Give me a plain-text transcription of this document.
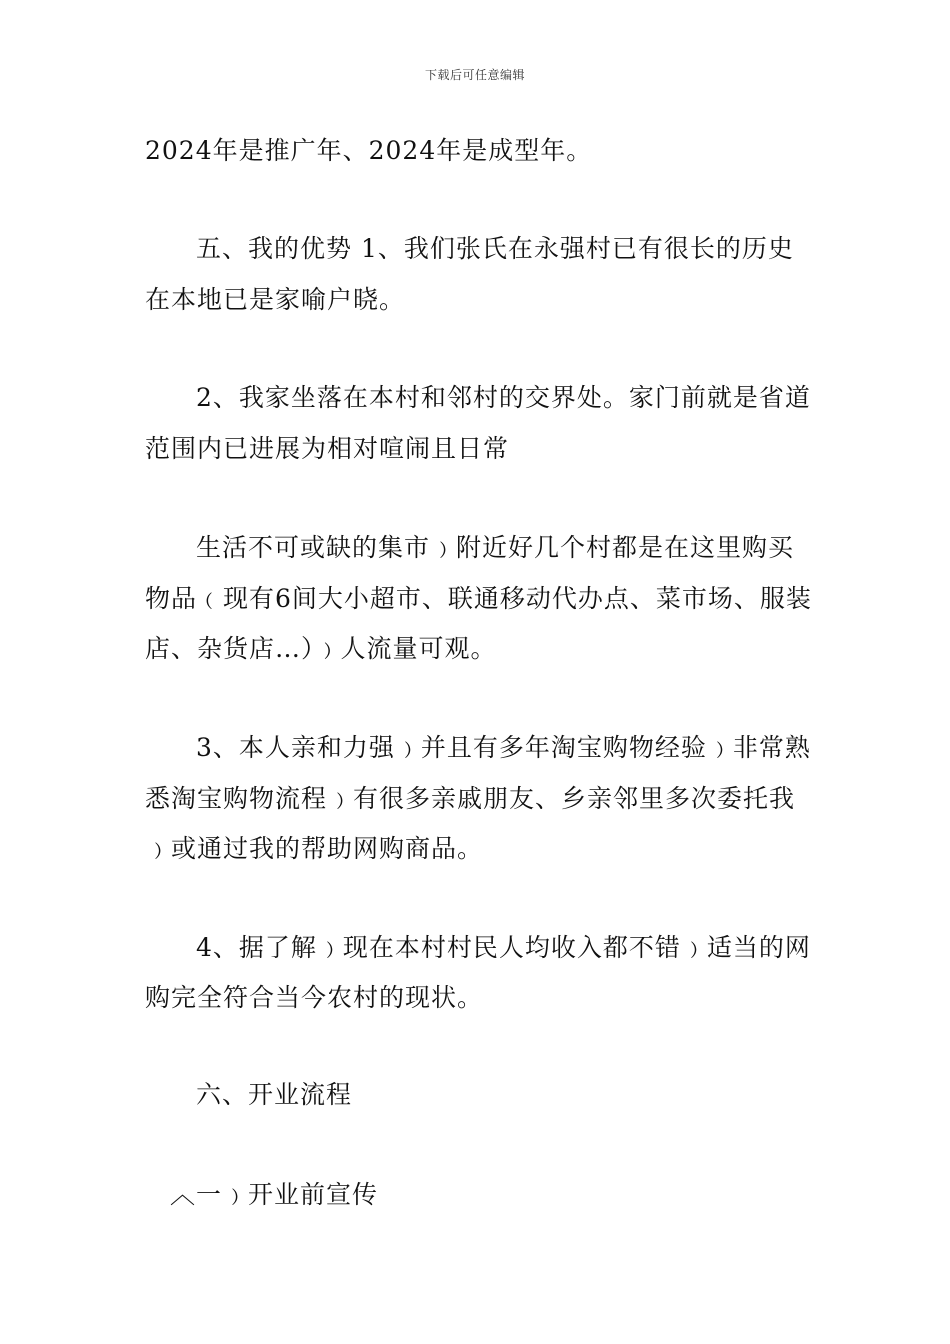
下载后可任意编辑
2024年是推广年、2024年是成型年。
五、我的优势 1、我们张氏在永强村已有很长的历史
在本地已是家喻户晓。
2、我家坐落在本村和邻村的交界处。家门前就是省道
范围内已进展为相对喧闹且日常
生活不可或缺的集市﹚附近好几个村都是在这里购买
物品﹙现有6间大小超市、联通移动代办点、菜市场、服装
店、杂货店…）﹚人流量可观。
3、本人亲和力强﹚并且有多年淘宝购物经验﹚非常熟
悉淘宝购物流程﹚有很多亲戚朋友、乡亲邻里多次委托我
﹚或通过我的帮助网购商品。
4、据了解﹚现在本村村民人均收入都不错﹚适当的网
购完全符合当今农村的现状。
六、开业流程
︿一﹚开业前宣传
